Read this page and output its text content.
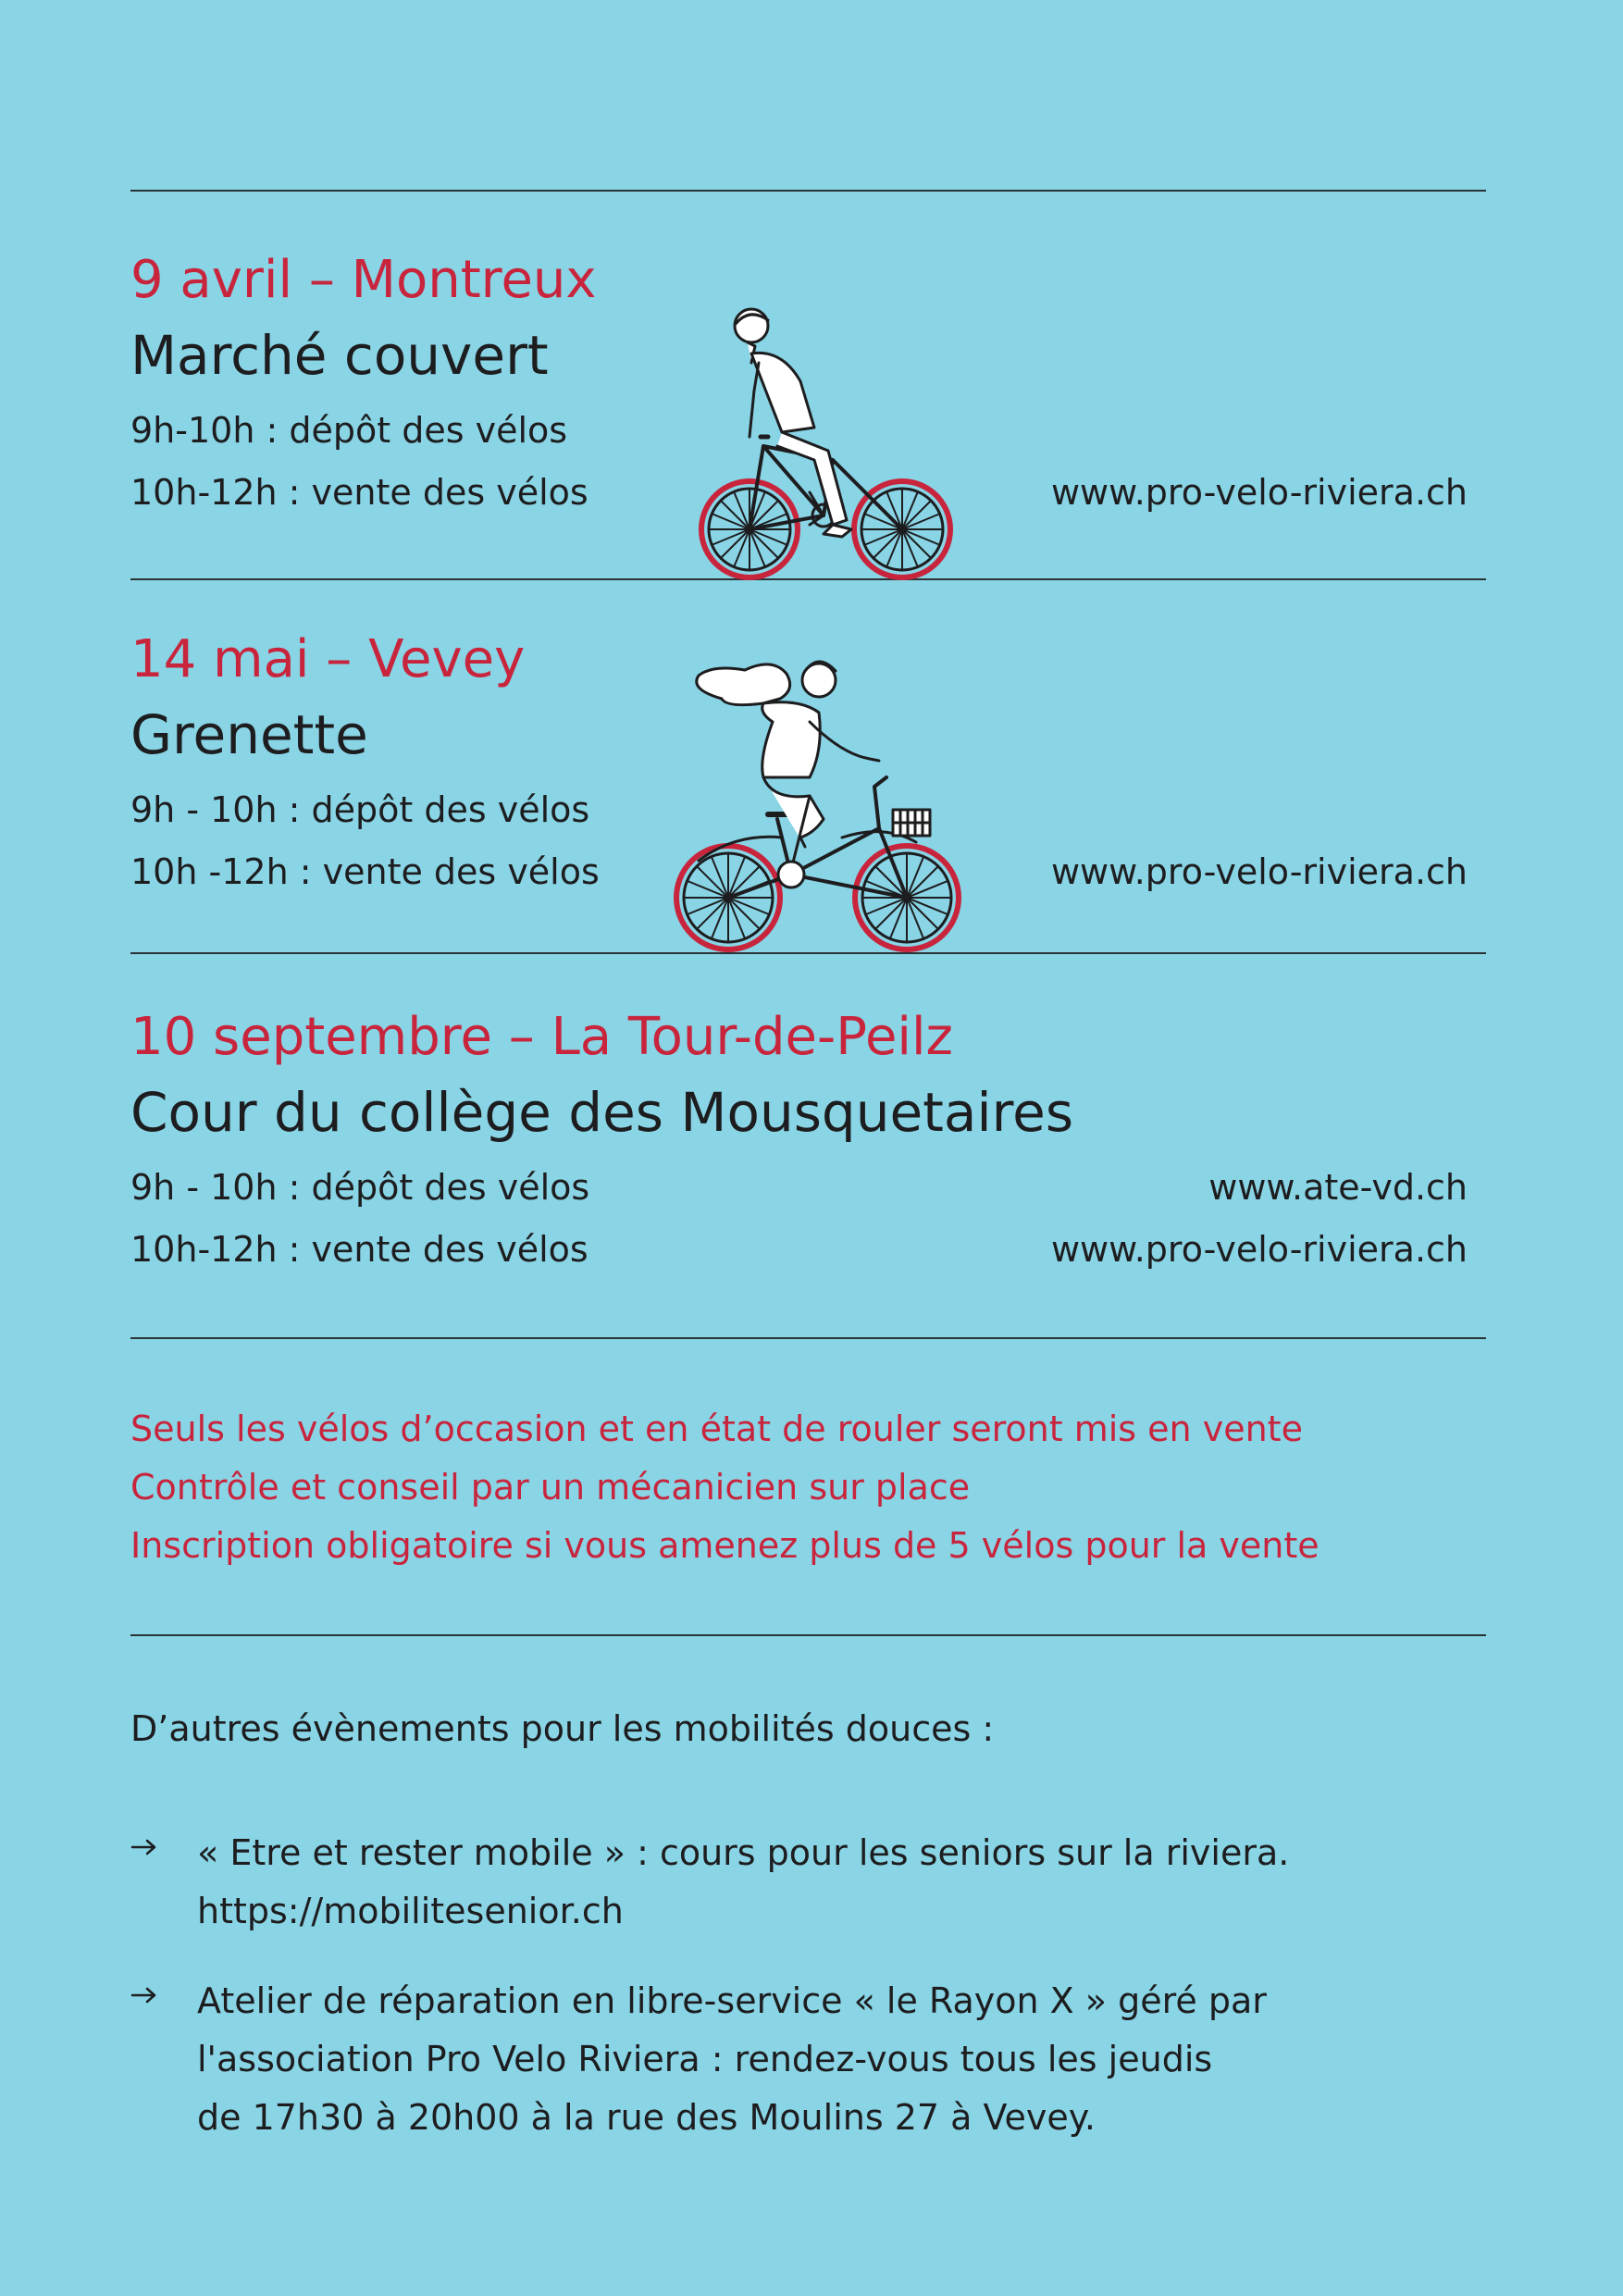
9 avril – Montreux
Marché couvert
9h-10h : dépôt des vélos
10h-12h : vente des vélos	www.pro-velo-riviera.ch
14 mai – Vevey
Grenette
9h - 10h : dépôt des vélos
10h -12h : vente des vélos	www.pro-velo-riviera.ch
10 septembre – La Tour-de-Peilz
Cour du collège des Mousquetaires
9h - 10h : dépôt des vélos
10h-12h : vente des vélos
www.ate-vd.ch
www.pro-velo-riviera.ch
Seuls les vélos d’occasion et en état de rouler seront mis en vente
Contrôle et conseil par un mécanicien sur place
Inscription obligatoire si vous amenez plus de 5 vélos pour la vente
D’autres évènements pour les mobilités douces :
« Etre et rester mobile » : cours pour les seniors sur la riviera.
https://mobilitesenior.ch
Atelier de réparation en libre-service « le Rayon X » géré par
l'association Pro Velo Riviera : rendez-vous tous les jeudis
de 17h30 à 20h00 à la rue des Moulins 27 à Vevey.
